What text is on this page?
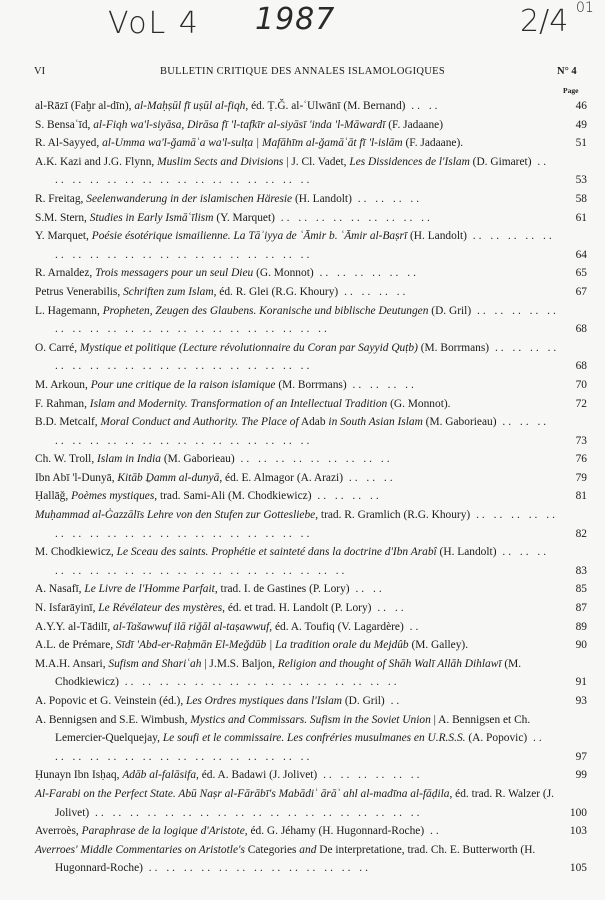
VoL 4 1987	2/4 01
VI	BULLETIN CRITIQUE DES ANNALES ISLAMOLOGIQUES	N° 4
Page
al-Rāzī (Faḫr al-dīn), al-Maḥṣūl fī uṣūl al-fiqh, éd. Ṭ.Ǧ. al-ʿUlwānī (M. Bernand) .. ..	46
S. Bensaʿīd, al-Fiqh wa'l-siyāsa, Dirāsa fī 'l-tafkīr al-siyāsī 'inda 'l-Māwardī (F. Jadaane)	49
R. Al-Sayyed, al-Umma wa'l-ǧamāʿa wa'l-sulṭa | Mafāhīm al-ǧamāʿāt fī 'l-islām (F. Jadaane).	51
A.K. Kazi and J.G. Flynn, Muslim Sects and Divisions | J. Cl. Vadet, Les Dissidences de l'Islam (D. Gimaret) .. .. .. .. .. .. .. .. .. .. .. .. .. .. .. ..	53
R. Freitag, Seelenwanderung in der islamischen Häresie (H. Landolt) .. .. .. ..	58
S.M. Stern, Studies in Early Ismāʿīlism (Y. Marquet) .. .. .. .. .. .. .. .. ..	61
Y. Marquet, Poésie ésotérique ismailienne. La Tāʾiyya de ʿĀmir b. ʿĀmir al-Baṣrī (H. Landolt) .. .. .. .. .. .. .. .. .. .. .. .. .. .. .. .. .. .. .. ..	64
R. Arnaldez, Trois messagers pour un seul Dieu (G. Monnot) .. .. .. .. .. ..	65
Petrus Venerabilis, Schriften zum Islam, éd. R. Glei (R.G. Khoury) .. .. .. ..	67
L. Hagemann, Propheten, Zeugen des Glaubens. Koranische und biblische Deutungen (D. Gril) .. .. .. .. .. .. .. .. .. .. .. .. .. .. .. .. .. .. .. .. ..	68
O. Carré, Mystique et politique (Lecture révolutionnaire du Coran par Sayyid Quṭb) (M. Borrmans) .. .. .. .. .. .. .. .. .. .. .. .. .. .. .. .. .. .. ..	68
M. Arkoun, Pour une critique de la raison islamique (M. Borrmans) .. .. .. ..	70
F. Rahman, Islam and Modernity. Transformation of an Intellectual Tradition (G. Monnot).	72
B.D. Metcalf, Moral Conduct and Authority. The Place of Adab in South Asian Islam (M. Gaborieau) .. .. .. .. .. .. .. .. .. .. .. .. .. .. .. .. .. ..	73
Ch. W. Troll, Islam in India (M. Gaborieau) .. .. .. .. .. .. .. .. ..	76
Ibn Abī 'l-Dunyā, Kitāb Ḏamm al-dunyā, éd. E. Almagor (A. Arazi) .. .. ..	79
Ḥallāǧ, Poèmes mystiques, trad. Sami-Ali (M. Chodkiewicz) .. .. .. ..	81
Muḥammad al-Ġazzālīs Lehre von den Stufen zur Gottesliebe, trad. R. Gramlich (R.G. Khoury) .. .. .. .. .. .. .. .. .. .. .. .. .. .. .. .. .. .. .. ..	82
M. Chodkiewicz, Le Sceau des saints. Prophétie et sainteté dans la doctrine d'Ibn Arabî (H. Landolt) .. .. .. .. .. .. .. .. .. .. .. .. .. .. .. .. .. .. .. ..	83
A. Nasafī, Le Livre de l'Homme Parfait, trad. I. de Gastines (P. Lory) .. ..	85
N. Isfarāyinī, Le Révélateur des mystères, éd. et trad. H. Landolt (P. Lory) .. ..	87
A.Y.Y. al-Tādilī, al-Tašawwuf ilā riǧāl al-taṣawwuf, éd. A. Toufiq (V. Lagardère) ..	89
A.L. de Prémare, Sīdī 'Abd-er-Raḥmān El-Meǧdūb | La tradition orale du Mejdûb (M. Galley).	90
M.A.H. Ansari, Sufism and Shariʿah | J.M.S. Baljon, Religion and thought of Shāh Walī Allāh Dihlawī (M. Chodkiewicz) .. .. .. .. .. .. .. .. .. .. .. .. .. .. .. ..	91
A. Popovic et G. Veinstein (éd.), Les Ordres mystiques dans l'Islam (D. Gril) ..	93
A. Bennigsen and S.E. Wimbush, Mystics and Commissars. Sufism in the Soviet Union | A. Bennigsen et Ch. Lemercier-Quelquejay, Le soufi et le commissaire. Les confréries musulmanes en U.R.S.S. (A. Popovic) .. .. .. .. .. .. .. .. .. .. .. .. .. .. .. ..	97
Ḥunayn Ibn Isḥaq, Adāb al-falāsifa, éd. A. Badawi (J. Jolivet) .. .. .. .. .. ..	99
Al-Farabi on the Perfect State. Abū Naṣr al-Fārābī's Mabādiʾ ārāʾ ahl al-madīna al-fāḍila, éd. trad. R. Walzer (J. Jolivet) .. .. .. .. .. .. .. .. .. .. .. .. .. .. .. .. .. .. ..	100
Averroès, Paraphrase de la logique d'Aristote, éd. G. Jéhamy (H. Hugonnard-Roche) ..	103
Averroes' Middle Commentaries on Aristotle's Categories and De interpretatione, trad. Ch. E. Butterworth (H. Hugonnard-Roche) .. .. .. .. .. .. .. .. .. .. .. .. ..	105
